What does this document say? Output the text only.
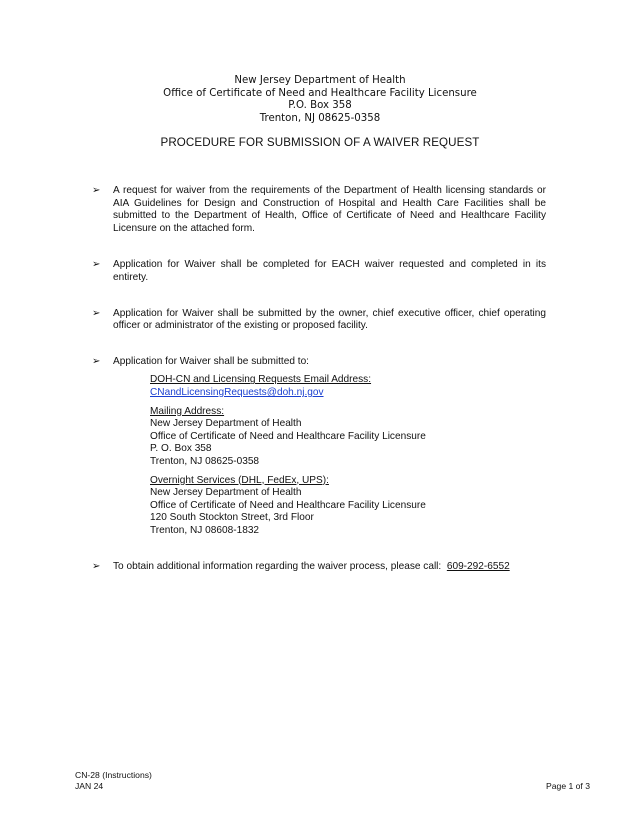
New Jersey Department of Health
Office of Certificate of Need and Healthcare Facility Licensure
P.O. Box 358
Trenton, NJ 08625-0358
PROCEDURE FOR SUBMISSION OF A WAIVER REQUEST
➢ A request for waiver from the requirements of the Department of Health licensing standards or AIA Guidelines for Design and Construction of Hospital and Health Care Facilities shall be submitted to the Department of Health, Office of Certificate of Need and Healthcare Facility Licensure on the attached form.
➢ Application for Waiver shall be completed for EACH waiver requested and completed in its entirety.
➢ Application for Waiver shall be submitted by the owner, chief executive officer, chief operating officer or administrator of the existing or proposed facility.
➢ Application for Waiver shall be submitted to:
DOH-CN and Licensing Requests Email Address:
CNandLicensingRequests@doh.nj.gov
Mailing Address:
New Jersey Department of Health
Office of Certificate of Need and Healthcare Facility Licensure
P. O. Box 358
Trenton, NJ 08625-0358
Overnight Services (DHL, FedEx, UPS):
New Jersey Department of Health
Office of Certificate of Need and Healthcare Facility Licensure
120 South Stockton Street, 3rd Floor
Trenton, NJ 08608-1832
➢ To obtain additional information regarding the waiver process, please call: 609-292-6552
CN-28 (Instructions)
JAN 24	Page 1 of 3
